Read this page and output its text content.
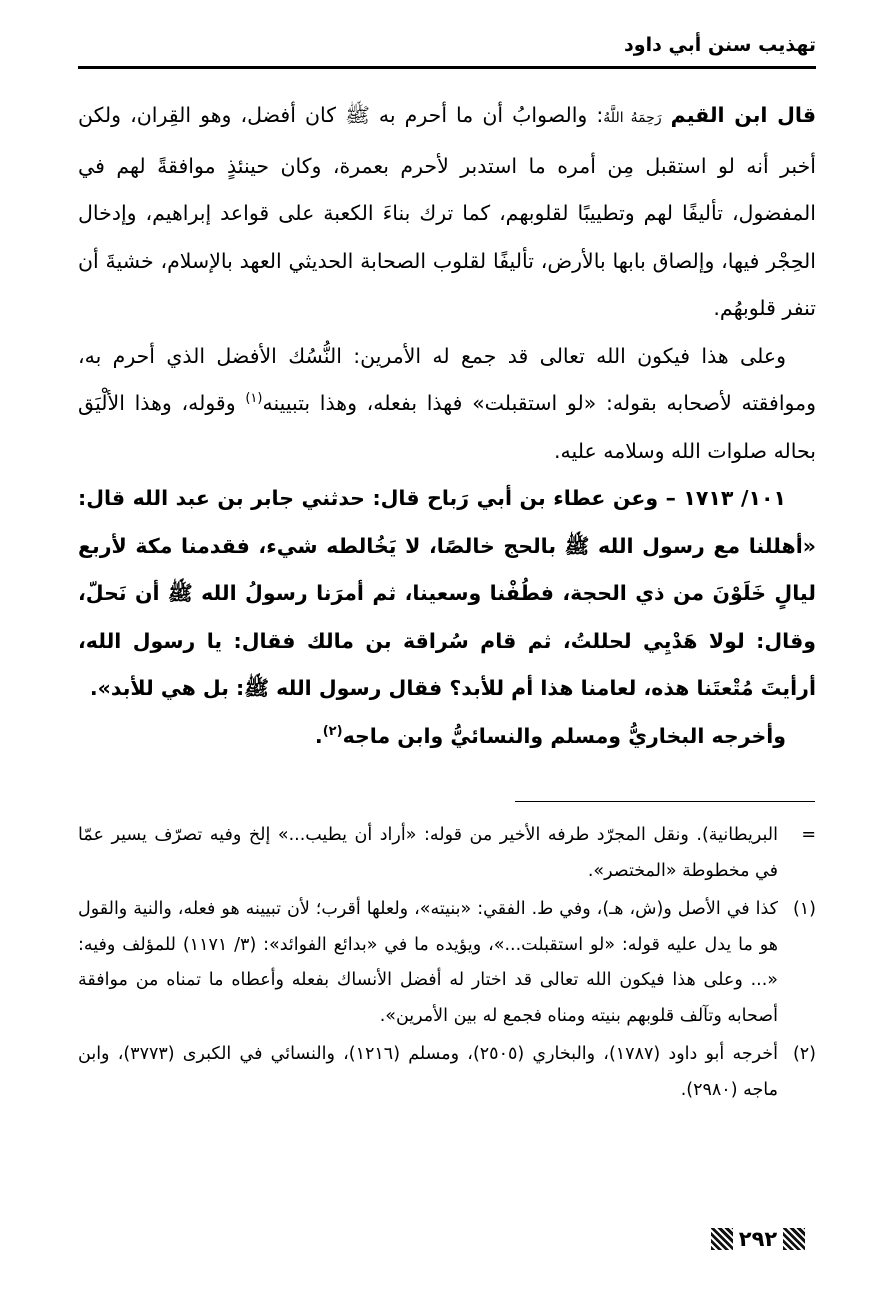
تهذيب سنن أبي داود

قال ابن القيم رَحِمَهُ اللَّهُ: والصوابُ أن ما أحرم به ﷺ كان أفضل، وهو القِران، ولكن أخبر أنه لو استقبل مِن أمره ما استدبر لأحرم بعمرة، وكان حينئذٍ موافقةً لهم في المفضول، تأليفًا لهم وتطييبًا لقلوبهم، كما ترك بناءَ الكعبة على قواعد إبراهيم، وإدخال الحِجْر فيها، وإلصاق بابها بالأرض، تأليفًا لقلوب الصحابة الحديثي العهد بالإسلام، خشيةَ أن تنفر قلوبهُم.

وعلى هذا فيكون الله تعالى قد جمع له الأمرين: النُّسُك الأفضل الذي أحرم به، وموافقته لأصحابه بقوله: «لو استقبلت» فهذا بفعله، وهذا بتبيينه$^{(١)}$ وقوله، وهذا الألْيَق بحاله صلوات الله وسلامه عليه.

١٠١/ ١٧١٣ – وعن عطاء بن أبي رَباح قال: حدثني جابر بن عبد الله قال: «أهللنا مع رسول الله ﷺ بالحج خالصًا، لا يَخُالطه شيء، فقدمنا مكة لأربع ليالٍ خَلَوْنَ من ذي الحجة، فطُفْنا وسعينا، ثم أمرَنا رسولُ الله ﷺ أن نَحلّ، وقال: لولا هَدْيِي لحللتُ، ثم قام سُراقة بن مالك فقال: يا رسول الله، أرأيتَ مُتْعتَنا هذه، لعامنا هذا أم للأبد؟ فقال رسول الله ﷺ: بل هي للأبد».

وأخرجه البخاريُّ ومسلم والنسائيُّ وابن ماجه$^{(٢)}$.

=
البريطانية). ونقل المجرّد طرفه الأخير من قوله: «أراد أن يطيب...» إلخ وفيه تصرّف يسير عمّا في مخطوطة «المختصر».
(١)
كذا في الأصل و(ش، هـ)، وفي ط. الفقي: «بنيته»، ولعلها أقرب؛ لأن تبيينه هو فعله، والنية والقول هو ما يدل عليه قوله: «لو استقبلت...»، ويؤيده ما في «بدائع الفوائد»: (٣/ ١١٧١) للمؤلف وفيه: «... وعلى هذا فيكون الله تعالى قد اختار له أفضل الأنساك بفعله وأعطاه ما تمناه من موافقة أصحابه وتآلف قلوبهم بنيته ومناه فجمع له بين الأمرين».
(٢)
أخرجه أبو داود (١٧٨٧)، والبخاري (٢٥٠٥)، ومسلم (١٢١٦)، والنسائي في الكبرى (٣٧٧٣)، وابن ماجه (٢٩٨٠).
٢٩٢
